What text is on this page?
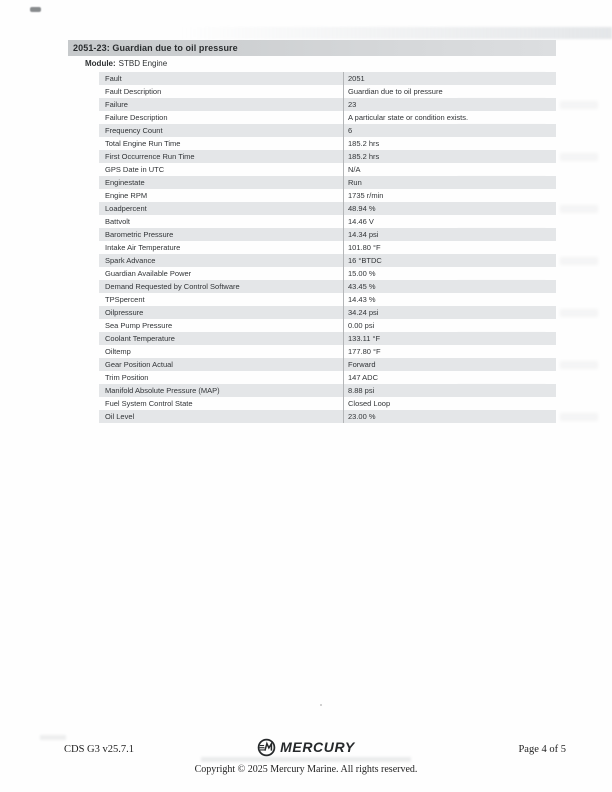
2051-23: Guardian due to oil pressure
Module: STBD Engine
Fault	2051
Fault Description	Guardian due to oil pressure
Failure	23
Failure Description	A particular state or condition exists.
Frequency Count	6
Total Engine Run Time	185.2 hrs
First Occurrence Run Time	185.2 hrs
GPS Date in UTC	N/A
Enginestate	Run
Engine RPM	1735 r/min
Loadpercent	48.94 %
Battvolt	14.46 V
Barometric Pressure	14.34 psi
Intake Air Temperature	101.80 °F
Spark Advance	16 °BTDC
Guardian Available Power	15.00 %
Demand Requested by Control Software	43.45 %
TPSpercent	14.43 %
Oilpressure	34.24 psi
Sea Pump Pressure	0.00 psi
Coolant Temperature	133.11 °F
Oiltemp	177.80 °F
Gear Position Actual	Forward
Trim Position	147 ADC
Manifold Absolute Pressure (MAP)	8.88 psi
Fuel System Control State	Closed Loop
Oil Level	23.00 %
CDS G3 v25.7.1	MERCURY	Page 4 of 5
Copyright © 2025 Mercury Marine. All rights reserved.
